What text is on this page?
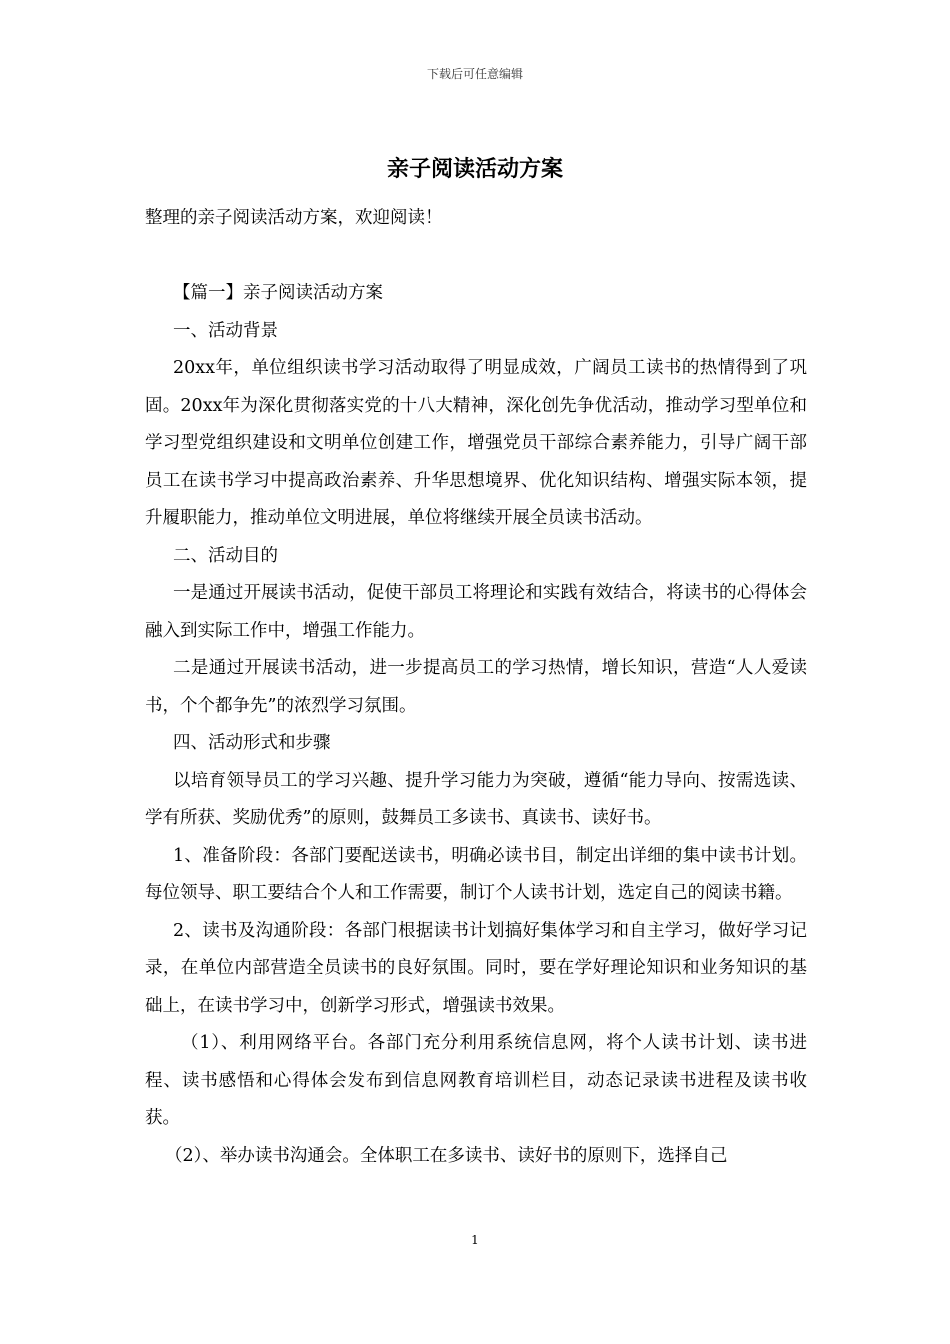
下载后可任意编辑
亲子阅读活动方案

整理的亲子阅读活动方案，欢迎阅读！

【篇一】亲子阅读活动方案

一、活动背景

20xx年，单位组织读书学习活动取得了明显成效，广阔员工读书的热情得到了巩固。20xx年为深化贯彻落实党的十八大精神，深化创先争优活动，推动学习型单位和学习型党组织建设和文明单位创建工作，增强党员干部综合素养能力，引导广阔干部员工在读书学习中提高政治素养、升华思想境界、优化知识结构、增强实际本领，提升履职能力，推动单位文明进展，单位将继续开展全员读书活动。

二、活动目的

一是通过开展读书活动，促使干部员工将理论和实践有效结合，将读书的心得体会融入到实际工作中，增强工作能力。

二是通过开展读书活动，进一步提高员工的学习热情，增长知识，营造“人人爱读书，个个都争先”的浓烈学习氛围。

四、活动形式和步骤

以培育领导员工的学习兴趣、提升学习能力为突破，遵循“能力导向、按需选读、学有所获、奖励优秀”的原则，鼓舞员工多读书、真读书、读好书。

1、准备阶段：各部门要配送读书，明确必读书目，制定出详细的集中读书计划。每位领导、职工要结合个人和工作需要，制订个人读书计划，选定自己的阅读书籍。

2、读书及沟通阶段：各部门根据读书计划搞好集体学习和自主学习，做好学习记录，在单位内部营造全员读书的良好氛围。同时，要在学好理论知识和业务知识的基础上，在读书学习中，创新学习形式，增强读书效果。

（1）、利用网络平台。各部门充分利用系统信息网，将个人读书计划、读书进程、读书感悟和心得体会发布到信息网教育培训栏目，动态记录读书进程及读书收获。

（2）、举办读书沟通会。全体职工在多读书、读好书的原则下，选择自己

1
